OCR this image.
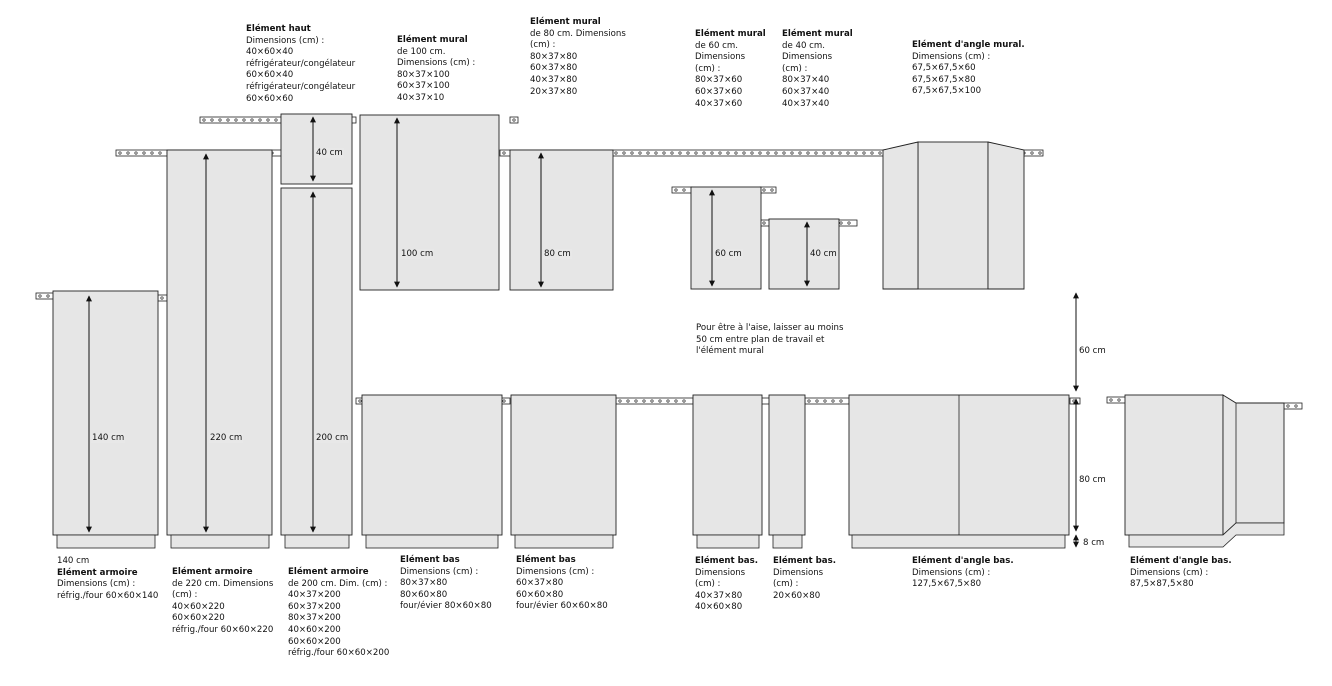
Elément haut
Dimensions (cm) :
40×60×40
réfrigérateur/congélateur
60×60×40
réfrigérateur/congélateur
60×60×60
Elément mural
de 100 cm.
Dimensions (cm) :
80×37×100
60×37×100
40×37×10
Elément mural
de 80 cm. Dimensions
(cm) :
80×37×80
60×37×80
40×37×80
20×37×80
Elément mural
de 60 cm.
Dimensions
(cm) :
80×37×60
60×37×60
40×37×60
Elément mural
de 40 cm.
Dimensions
(cm) :
80×37×40
60×37×40
40×37×40
Elément d'angle mural.
Dimensions (cm) :
67,5×67,5×60
67,5×67,5×80
67,5×67,5×100
Pour être à l'aise, laisser au moins
50 cm entre plan de travail et
l'élément mural
140 cm
Elément armoire
Dimensions (cm) :
réfrig./four 60×60×140
Elément armoire
de 220 cm. Dimensions
(cm) :
40×60×220
60×60×220
réfrig./four 60×60×220
Elément armoire
de 200 cm. Dim. (cm) :
40×37×200
60×37×200
80×37×200
40×60×200
60×60×200
réfrig./four 60×60×200
Elément bas
Dimensions (cm) :
80×37×80
80×60×80
four/évier 80×60×80
Elément bas
Dimensions (cm) :
60×37×80
60×60×80
four/évier 60×60×80
Elément bas.
Dimensions
(cm) :
40×37×80
40×60×80
Elément bas.
Dimensions
(cm) :
20×60×80
Elément d'angle bas.
Dimensions (cm) :
127,5×67,5×80
Elément d'angle bas.
Dimensions (cm) :
87,5×87,5×80
140 cm	220 cm	200 cm
40 cm
100 cm	80 cm	60 cm	40 cm
60 cm
80 cm
8 cm
